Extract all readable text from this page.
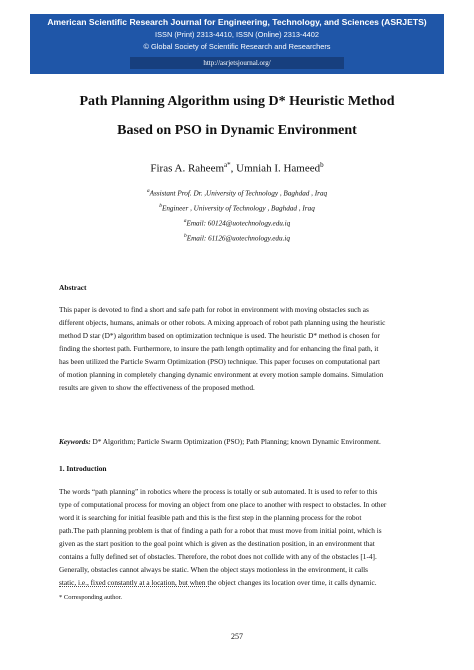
American Scientific Research Journal for Engineering, Technology, and Sciences (ASRJETS)
ISSN (Print) 2313-4410, ISSN (Online) 2313-4402
© Global Society of Scientific Research and Researchers
http://asrjetsjournal.org/
Path Planning Algorithm using D* Heuristic Method
Based on PSO in Dynamic Environment
Firas A. Raheem$^{a*}$, Umniah I. Hameed$^b$
$^a$Assistant Prof. Dr. ,University of Technology , Baghdad , Iraq
$^b$Engineer , University of Technology , Baghdad , Iraq
$^a$Email: 60124@uotechnology.edu.iq
$^b$Email: 61126@uotechnology.edu.iq
Abstract
This paper is devoted to find a short and safe path for robot in environment with moving obstacles such as
different objects, humans, animals or other robots. A mixing approach of robot path planning using the heuristic
method D star (D*) algorithm based on optimization technique is used. The heuristic D* method is chosen for
finding the shortest path. Furthermore, to insure the path length optimality and for enhancing the final path, it
has been utilized the Particle Swarm Optimization (PSO) technique. This paper focuses on computational part
of motion planning in completely changing dynamic environment at every motion sample domains. Simulation
results are given to show the effectiveness of the proposed method.
Keywords: D* Algorithm; Particle Swarm Optimization (PSO); Path Planning; known Dynamic Environment.
1. Introduction
The words “path planning” in robotics where the process is totally or sub automated. It is used to refer to this
type of computational process for moving an object from one place to another with respect to obstacles. In other
word it is searching for initial feasible path and this is the first step in the planning process for the robot
path.The path planning problem is that of finding a path for a robot that must move from initial point, which is
given as the start position to the goal point which is given as the destination position, in an environment that
contains a fully defined set of obstacles. Therefore, the robot does not collide with any of the obstacles [1-4].
Generally, obstacles cannot always be static. When the object stays motionless in the environment, it calls
static, i.e., fixed constantly at a location, but when the object changes its location over time, it calls dynamic.
* Corresponding author.
257
